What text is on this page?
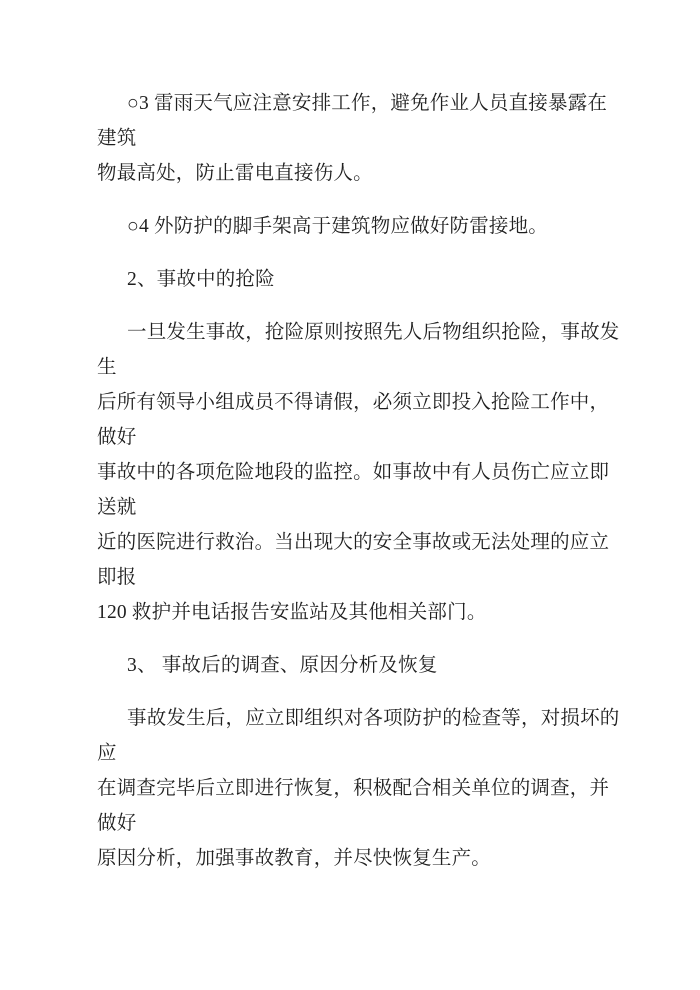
○3 雷雨天气应注意安排工作，避免作业人员直接暴露在建筑
物最高处，防止雷电直接伤人。
○4 外防护的脚手架高于建筑物应做好防雷接地。
2、事故中的抢险
一旦发生事故，抢险原则按照先人后物组织抢险，事故发生
后所有领导小组成员不得请假，必须立即投入抢险工作中，做好
事故中的各项危险地段的监控。如事故中有人员伤亡应立即送就
近的医院进行救治。当出现大的安全事故或无法处理的应立即报
120 救护并电话报告安监站及其他相关部门。
3、 事故后的调查、原因分析及恢复
事故发生后，应立即组织对各项防护的检查等，对损坏的应
在调查完毕后立即进行恢复，积极配合相关单位的调查，并做好
原因分析，加强事故教育，并尽快恢复生产。
